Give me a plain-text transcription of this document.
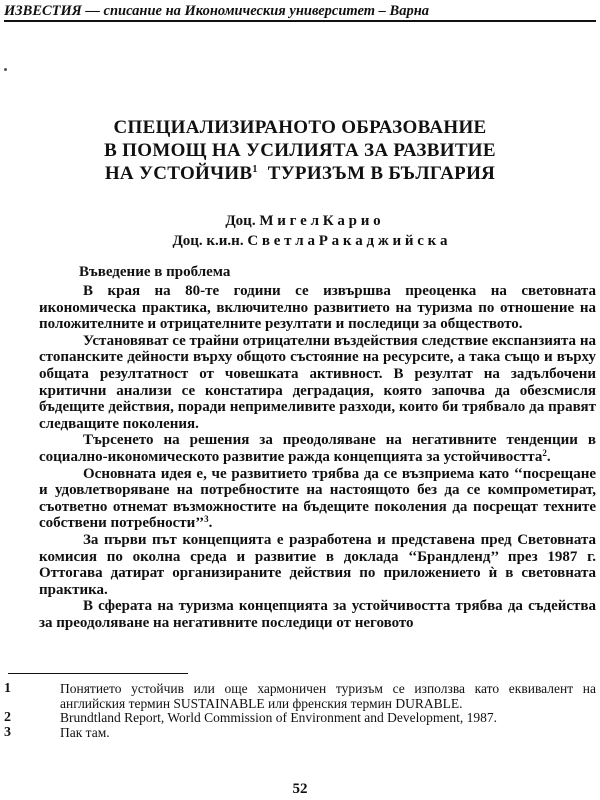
ИЗВЕСТИЯ — списание на Икономическия университет – Варна
СПЕЦИАЛИЗИРАНОТО ОБРАЗОВАНИЕ
В ПОМОЩ НА УСИЛИЯТА ЗА РАЗВИТИЕ
НА УСТОЙЧИВ$^1$ ТУРИЗЪМ В БЪЛГАРИЯ
Доц. М и г е л К а р и о
Доц. к.и.н. С в е т л а Р а к а д ж и й с к а
Въведение в проблема

В края на 80-те години се извършва преоценка на световната икономическа практика, включително развитието на туризма по отношение на положителните и отрицателните резултати и последици за обществото.

Установяват се трайни отрицателни въздействия следствие експанзията на стопанските дейности върху общото състояние на ресурсите, а така също и върху общата резултатност от човешката активност. В резултат на задълбочени критични анализи се констатира деградация, която започва да обезсмисля бъдещите действия, поради непримеливите разходи, които би трябвало да правят следващите поколения.

Търсенето на решения за преодоляване на негативните тенденции в социално-икономическото развитие ражда концепцията за устойчивостта$^2$.

Основната идея е, че развитието трябва да се възприема като ‘‘посрещане и удовлетворяване на потребностите на настоящото без да се компрометират, съответно отнемат възможностите на бъдещите поколения да посрещат техните собствени потребности’’$^3$.

За първи път концепцията е разработена и представена пред Световната комисия по околна среда и развитие в доклада ‘‘Брандленд’’ през 1987 г. Оттогава датират организираните действия по приложението ѝ в световната практика.

В сферата на туризма концепцията за устойчивостта трябва да съдейства за преодоляване на негативните последици от неговото

1	Понятието устойчив или още хармоничен туризъм се използва като еквивалент на английския термин SUSTAINABLE или френския термин DURABLE.
2	Brundtland Report, World Commission of Environment and Development, 1987.
3	Пак там.
52
